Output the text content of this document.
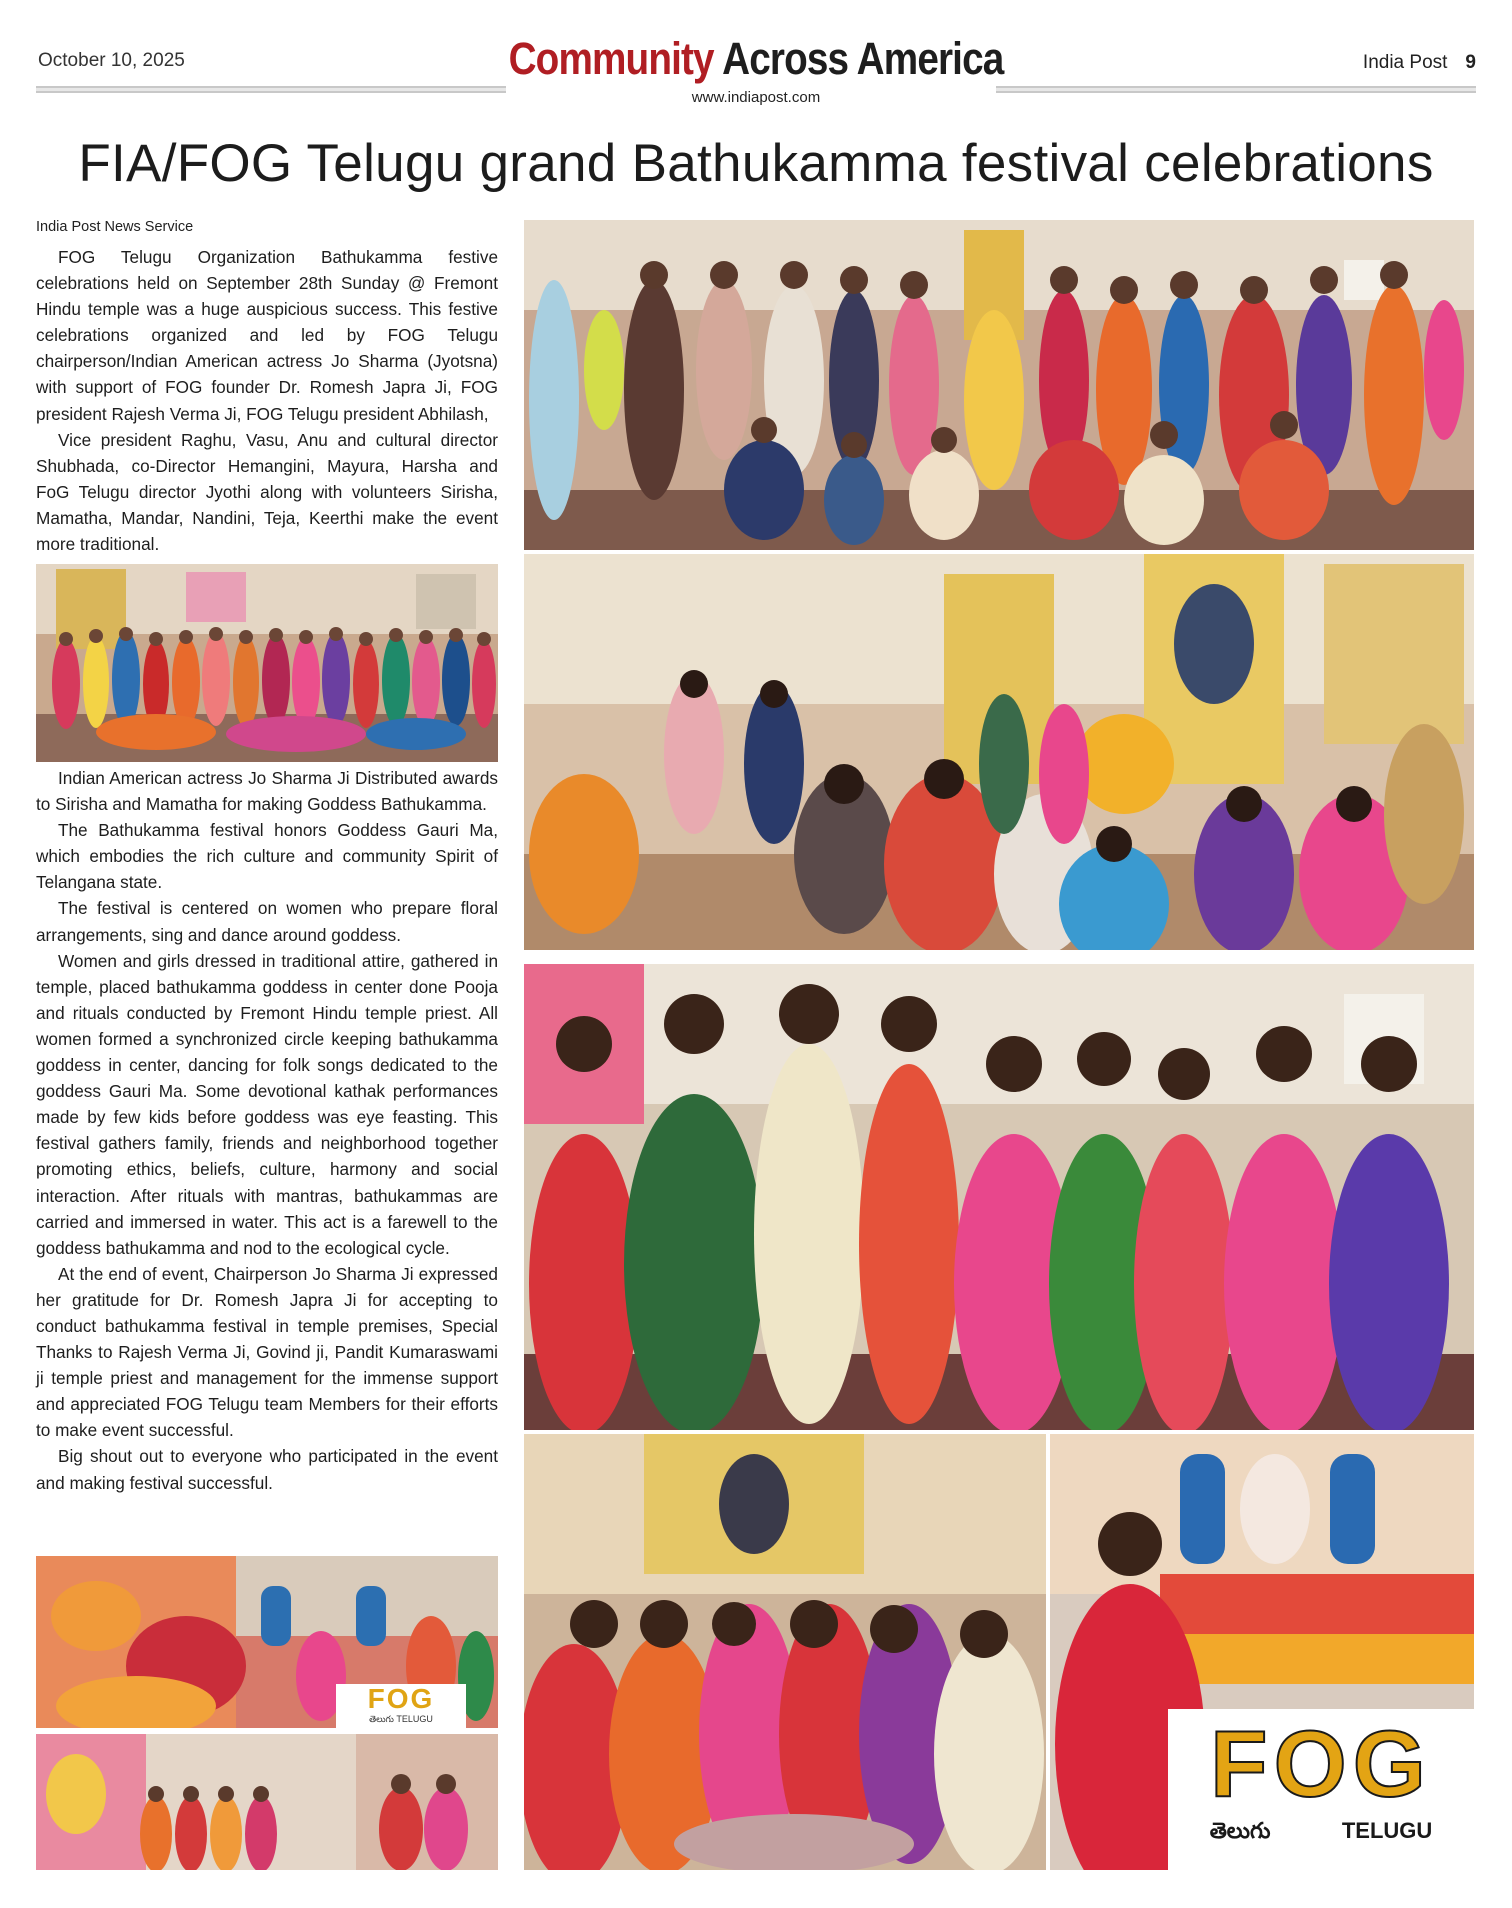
October 10, 2025	India Post 9
Community Across America
www.indiapost.com
FIA/FOG Telugu grand Bathukamma festival celebrations
India Post News Service

FOG Telugu Organization Bathukamma festive celebrations held on September 28th Sunday @ Fremont Hindu temple was a huge auspicious success. This festive celebrations organized and led by FOG Telugu chairperson/Indian American actress Jo Sharma (Jyotsna) with support of FOG founder Dr. Romesh Japra Ji, FOG president Rajesh Verma Ji, FOG Telugu president Abhilash,

Vice president Raghu, Vasu, Anu and cultural director Shubhada, co-Director Hemangini, Mayura, Harsha and FoG Telugu director Jyothi along with volunteers Sirisha, Mamatha, Mandar, Nandini, Teja, Keerthi make the event more traditional.

Indian American actress Jo Sharma Ji Distributed awards to Sirisha and Mamatha for making Goddess Bathukamma.

The Bathukamma festival honors Goddess Gauri Ma, which embodies the rich culture and community Spirit of Telangana state.

The festival is centered on women who prepare floral arrangements, sing and dance around goddess.

Women and girls dressed in traditional attire, gathered in temple, placed bathukamma goddess in center done Pooja and rituals conducted by Fremont Hindu temple priest. All women formed a synchronized circle keeping bathukamma goddess in center, dancing for folk songs dedicated to the goddess Gauri Ma. Some devotional kathak performances made by few kids before goddess was eye feasting. This festival gathers family, friends and neighborhood together promoting ethics, beliefs, culture, harmony and social interaction. After rituals with mantras, bathukammas are carried and immersed in water. This act is a farewell to the goddess bathukamma and nod to the ecological cycle.

At the end of event, Chairperson Jo Sharma Ji expressed her gratitude for Dr. Romesh Japra Ji for accepting to conduct bathukamma festival in temple premises, Special Thanks to Rajesh Verma Ji, Govind ji, Pandit Kumaraswami ji temple priest and management for the immense support and appreciated FOG Telugu team Members for their efforts to make event successful.

Big shout out to everyone who participated in the event and making festival successful.

FOG
తెలుగు TELUGU	FOG
తెలుగు	TELUGU
